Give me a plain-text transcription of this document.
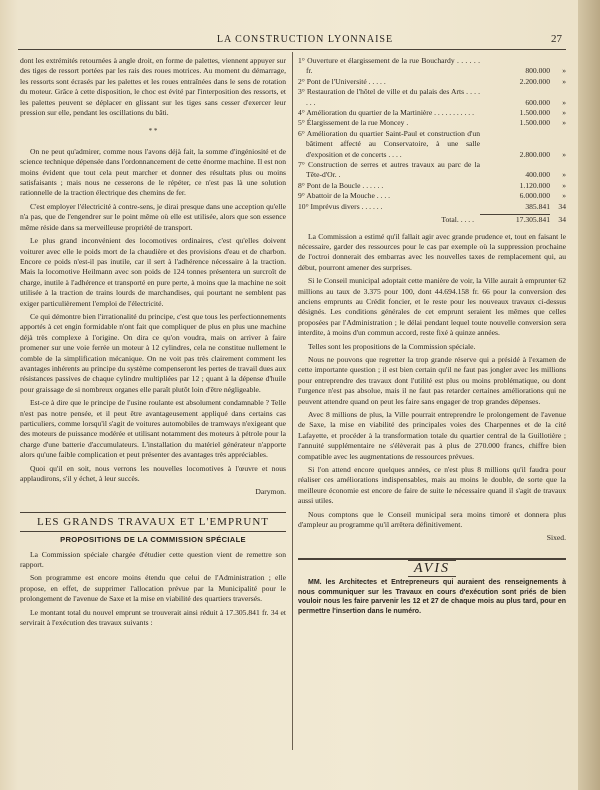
LA CONSTRUCTION LYONNAISE	27

dont les extrémités retournées à angle droit, en forme de palettes, viennent appuyer sur des tiges de ressort portées par les rais des roues motrices. Au moment du démarrage, les ressorts sont écrasés par les palettes et les roues entraînées dans le sens de rotation du moteur. Grâce à cette disposition, le choc est évité par l'interposition des ressorts, et les palettes peuvent se déplacer en glissant sur les tiges sans cesser d'exercer leur pression sur elle, pendant les oscillations du bâti.

* *

On ne peut qu'admirer, comme nous l'avons déjà fait, la somme d'ingéniosité et de science technique dépensée dans l'ordonnancement de cette énorme machine. Il est non moins évident que tout cela peut marcher et donner des résultats plus ou moins satisfaisants ; mais nous ne cesserons de le répéter, ce n'est pas là une solution rationnelle de la traction électrique des chemins de fer.

C'est employer l'électricité à contre-sens, je dirai presque dans une acception qu'elle n'a pas, que de l'engendrer sur le point même où elle est utilisée, alors que son essence même réside dans sa merveilleuse propriété de transport.

Le plus grand inconvénient des locomotives ordinaires, c'est qu'elles doivent voiturer avec elle le poids mort de la chaudière et des provisions d'eau et de charbon. Encore ce poids n'est-il pas inutile, car il sert à l'adhérence nécessaire à la traction. Mais la locomotive Heilmann avec son poids de 124 tonnes présentera un surcroît de charge, inutile à l'adhérence et transporté en pure perte, à moins que la machine ne soit utilisée à la traction de trains lourds de marchandises, qui pourtant ne semblent pas exiger particulièrement l'emploi de l'électricité.

Ce qui démontre bien l'irrationalité du principe, c'est que tous les perfectionnements apportés à cet engin formidable n'ont fait que compliquer de plus en plus une machine déjà très complexe à l'origine. On dira ce qu'on voudra, mais on arriver à faire promener sur une voie ferrée un moteur à 12 cylindres, cela ne constitue nullement le comble de la simplification mécanique. On ne voit pas très clairement comment les avantages inhérents au principe du système compenseront les pertes de travail dues aux résistances passives de chaque cylindre multipliées par 12 ; quant à la dépense d'huile pour graissage de si nombreux organes elle paraît plutôt loin d'être négligeable.

Est-ce à dire que le principe de l'usine roulante est absolument condamnable ? Telle n'est pas notre pensée, et il peut être avantageusement appliqué dans certains cas particuliers, comme lorsqu'il s'agit de voitures automobiles de tramways n'exigeant que des moteurs de puissance modérée et utilisant notamment des moteurs à pétrole pour la charge d'une batterie d'accumulateurs. L'installation du matériel générateur n'apporte alors qu'une faible complication et peut présenter des avantages très appréciables.

Quoi qu'il en soit, nous verrons les nouvelles locomotives à l'œuvre et nous applaudirons, s'il y échet, à leur succès.

Darymon.
LES GRANDS TRAVAUX ET L'EMPRUNT
PROPOSITIONS DE LA COMMISSION SPÉCIALE

La Commission spéciale chargée d'étudier cette question vient de remettre son rapport.

Son programme est encore moins étendu que celui de l'Administration ; elle propose, en effet, de supprimer l'allocation prévue par la Municipalité pour le prolongement de l'avenue de Saxe et la mise en viabilité des quartiers traversés.

Le montant total du nouvel emprunt se trouverait ainsi réduit à 17.305.841 fr. 34 et servirait à l'exécution des travaux suivants :

1° Ouverture et élargissement de la rue Bouchardy . . . . . . fr.	800.000	»
2° Pont de l'Université . . . . .	2.200.000	»
3° Restauration de l'hôtel de ville et du palais des Arts . . . . . . .	600.000	»
4° Amélioration du quartier de la Martinière . . . . . . . . . . .	1.500.000	»
5° Élargissement de la rue Moncey .	1.500.000	»
6° Amélioration du quartier Saint-Paul et construction d'un bâtiment affecté au Conservatoire, à une salle d'exposition et de concerts . . . .	2.800.000	»
7° Construction de serres et autres travaux au parc de la Tête-d'Or. .	400.000	»
8° Pont de la Boucle . . . . . .	1.120.000	»
9° Abattoir de la Mouche . . . .	6.000.000	»
10° Imprévus divers . . . . . .	385.841	34
Total. . . . .	17.305.841	34

La Commission a estimé qu'il fallait agir avec grande prudence et, tout en faisant le nécessaire, garder des ressources pour le cas par exemple où la suppression prochaine de l'octroi donnerait des embarras avec les nouvelles taxes de remplacement qui, au début, pourront amener des surprises.

Si le Conseil municipal adoptait cette manière de voir, la Ville aurait à emprunter 62 millions au taux de 3.375 pour 100, dont 44.694.158 fr. 66 pour la conversion des anciens emprunts au Crédit foncier, et le reste pour les nouveaux travaux ci-dessus désignés. Les conditions générales de cet emprunt seraient les mêmes que celles proposées par l'Administration ; le délai pendant lequel toute nouvelle conversion sera interdite, à moins d'un commun accord, reste fixé à quinze années.

Telles sont les propositions de la Commission spéciale.

Nous ne pouvons que regretter la trop grande réserve qui a présidé à l'examen de cette importante question ; il est bien certain qu'il ne faut pas jongler avec les millions pour entreprendre des travaux dont l'utilité est plus ou moins problématique, ou dont l'urgence n'est pas absolue, mais il ne faut pas retarder certaines améliorations qui ne peuvent attendre quand on peut les faire sans engager de trop grandes dépenses.

Avec 8 millions de plus, la Ville pourrait entreprendre le prolongement de l'avenue de Saxe, la mise en viabilité des principales voies des Charpennes et de la cité Lafayette, et procéder à la transformation totale du quartier central de la Guillotière ; l'annuité supplémentaire ne s'élèverait pas à plus de 270.000 francs, chiffre bien compatible avec les augmentations de ressources prévues.

Si l'on attend encore quelques années, ce n'est plus 8 millions qu'il faudra pour réaliser ces améliorations indispensables, mais au moins le double, de sorte que la meilleure économie est encore de faire de suite le nécessaire quand il s'agit de travaux aussi utiles.

Nous comptons que le Conseil municipal sera moins timoré et donnera plus d'ampleur au programme qu'il arrêtera définitivement.

Sixed.
AVIS
MM. les Architectes et Entrepreneurs qui auraient des renseignements à nous communiquer sur les Travaux en cours d'exécution sont priés de bien vouloir nous les faire parvenir les 12 et 27 de chaque mois au plus tard, pour en permettre l'insertion dans le numéro.
